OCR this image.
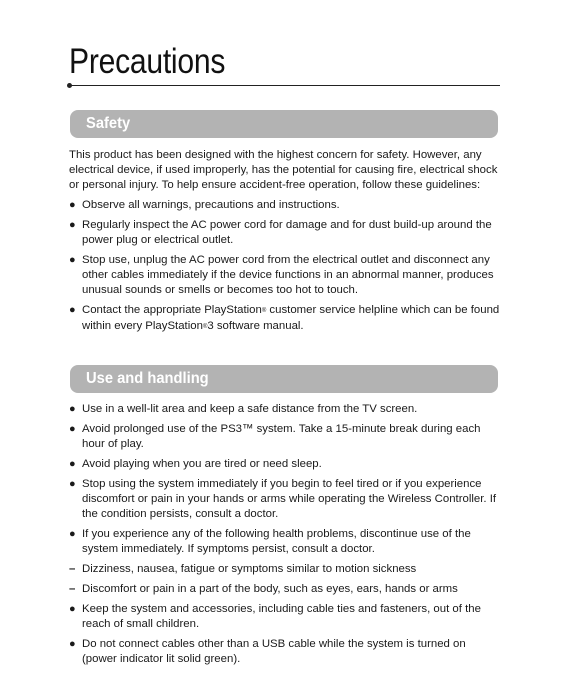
Precautions
Safety

This product has been designed with the highest concern for safety. However, any electrical device, if used improperly, has the potential for causing fire, electrical shock or personal injury. To help ensure accident-free operation, follow these guidelines:

● Observe all warnings, precautions and instructions.
● Regularly inspect the AC power cord for damage and for dust build-up around the power plug or electrical outlet.
● Stop use, unplug the AC power cord from the electrical outlet and disconnect any other cables immediately if the device functions in an abnormal manner, produces unusual sounds or smells or becomes too hot to touch.
● Contact the appropriate PlayStation® customer service helpline which can be found within every PlayStation®3 software manual.
Use and handling
● Use in a well-lit area and keep a safe distance from the TV screen.
● Avoid prolonged use of the PS3™ system. Take a 15-minute break during each hour of play.
● Avoid playing when you are tired or need sleep.
● Stop using the system immediately if you begin to feel tired or if you experience discomfort or pain in your hands or arms while operating the Wireless Controller. If the condition persists, consult a doctor.
● If you experience any of the following health problems, discontinue use of the system immediately. If symptoms persist, consult a doctor.
– Dizziness, nausea, fatigue or symptoms similar to motion sickness
– Discomfort or pain in a part of the body, such as eyes, ears, hands or arms
● Keep the system and accessories, including cable ties and fasteners, out of the reach of small children.
● Do not connect cables other than a USB cable while the system is turned on (power indicator lit solid green).
